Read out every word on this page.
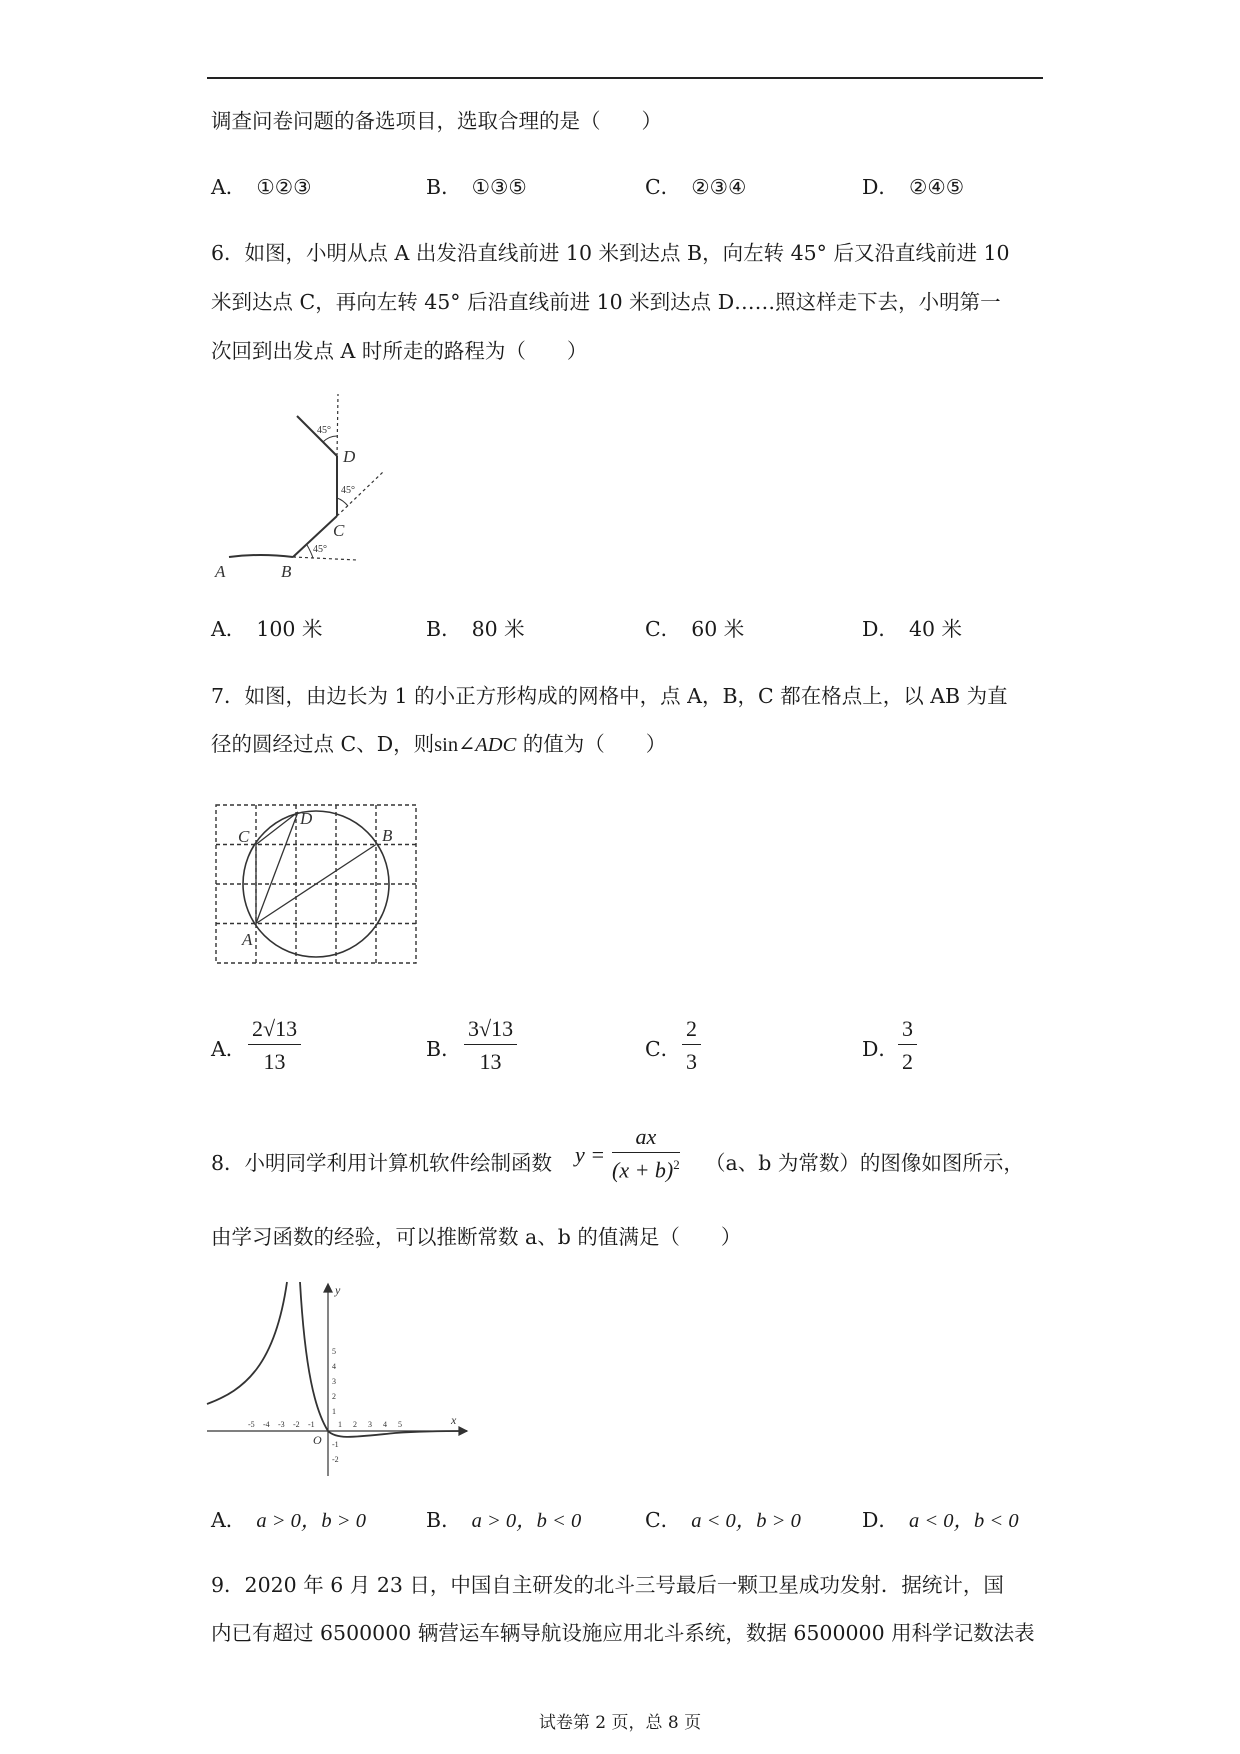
调查问卷问题的备选项目，选取合理的是（　　）
A． ①②③	B． ①③⑤	C． ②③④	D． ②④⑤
6．如图，小明从点 A 出发沿直线前进 10 米到达点 B，向左转 45° 后又沿直线前进 10
米到达点 C，再向左转 45° 后沿直线前进 10 米到达点 D……照这样走下去，小明第一
次回到出发点 A 时所走的路程为（　　）
A	B
C
D
45°
45°
45°
A． 100 米	B． 80 米	C． 60 米	D． 40 米
7．如图，由边长为 1 的小正方形构成的网格中，点 A，B，C 都在格点上，以 AB 为直
径的圆经过点 C、D，则sin∠ADC 的值为（　　）
C
D
B
A
A． $\frac{2√13}{13}$	B． $\frac{3√13}{13}$	C． $\frac{2}{3}$	D． $\frac{3}{2}$
8．小明同学利用计算机软件绘制函数 $y = \frac{ax}{(x + b)^2} (a$、b 为常数）的图像如图所示，
由学习函数的经验，可以推断常数 a、b 的值满足（　　）
-5 -4 -3 -2 -1	1 2 3 4 5
5
4
3
2
1
-1
-2
x
y
O
A． a > 0，b > 0	B． a > 0，b < 0	C． a < 0，b > 0	D． a < 0，b < 0
9．2020 年 6 月 23 日，中国自主研发的北斗三号最后一颗卫星成功发射．据统计，国
内已有超过 6500000 辆营运车辆导航设施应用北斗系统，数据 6500000 用科学记数法表
试卷第 2 页，总 8 页
